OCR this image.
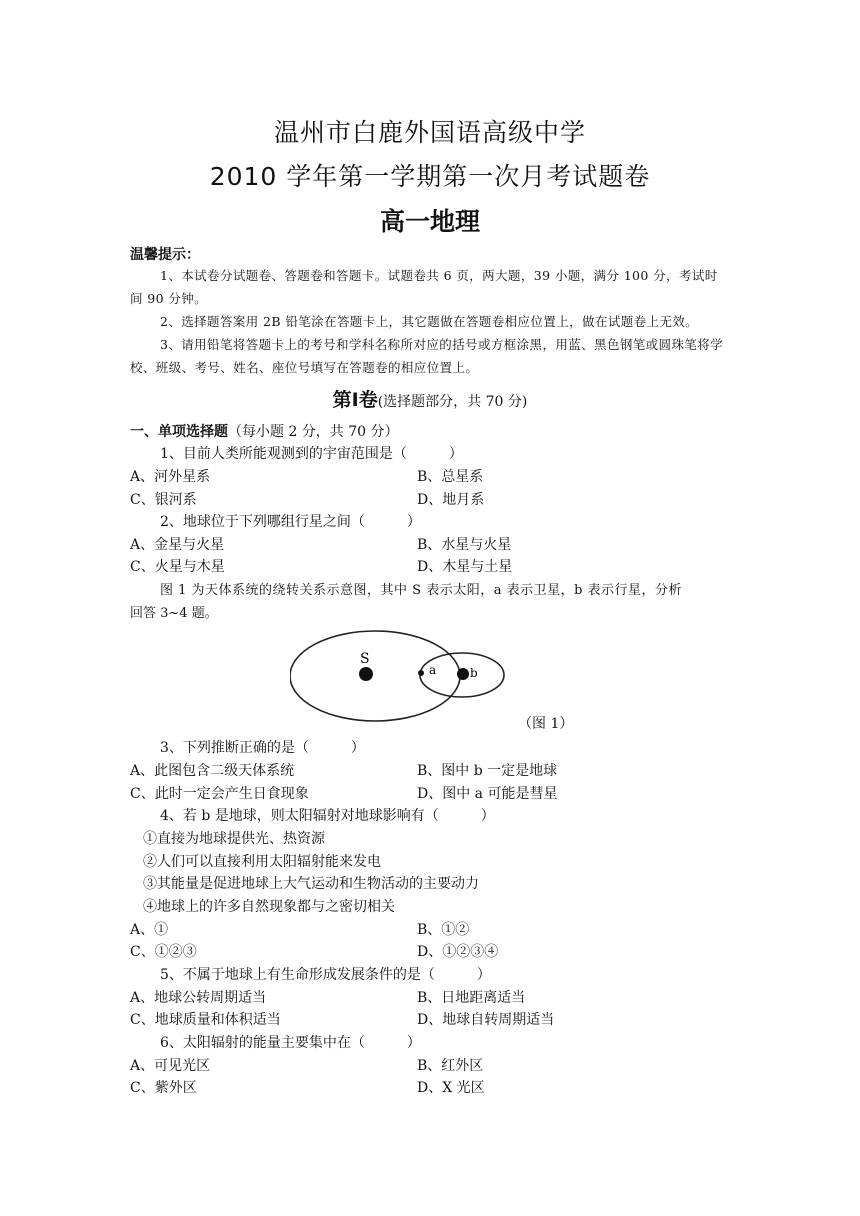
温州市白鹿外国语高级中学
2010 学年第一学期第一次月考试题卷
高一地理
温馨提示：
1、本试卷分试题卷、答题卷和答题卡。试题卷共 6 页，两大题，39 小题，满分 100 分，考试时间 90 分钟。
2、选择题答案用 2B 铅笔涂在答题卡上，其它题做在答题卷相应位置上，做在试题卷上无效。
3、请用铅笔将答题卡上的考号和学科名称所对应的括号或方框涂黑，用蓝、黑色钢笔或圆珠笔将学校、班级、考号、姓名、座位号填写在答题卷的相应位置上。
第Ⅰ卷(选择题部分，共 70 分)
一、单项选择题（每小题 2 分，共 70 分）
1、目前人类所能观测到的宇宙范围是（　　　）
A、河外星系	B、总星系
C、银河系	D、地月系
2、地球位于下列哪组行星之间（　　　）
A、金星与火星	B、水星与火星
C、火星与木星	D、木星与土星
图 1 为天体系统的绕转关系示意图，其中 S 表示太阳，a 表示卫星，b 表示行星，分析
回答 3~4 题。
S
a	b
（图 1）
3、下列推断正确的是（　　　）
A、此图包含二级天体系统	B、图中 b 一定是地球
C、此时一定会产生日食现象	D、图中 a 可能是彗星
4、若 b 是地球，则太阳辐射对地球影响有（　　　）
①直接为地球提供光、热资源
②人们可以直接利用太阳辐射能来发电
③其能量是促进地球上大气运动和生物活动的主要动力
④地球上的许多自然现象都与之密切相关
A、①	B、①②
C、①②③	D、①②③④
5、不属于地球上有生命形成发展条件的是（　　　）
A、地球公转周期适当	B、日地距离适当
C、地球质量和体积适当	D、地球自转周期适当
6、太阳辐射的能量主要集中在（　　　）
A、可见光区	B、红外区
C、紫外区	D、X 光区
